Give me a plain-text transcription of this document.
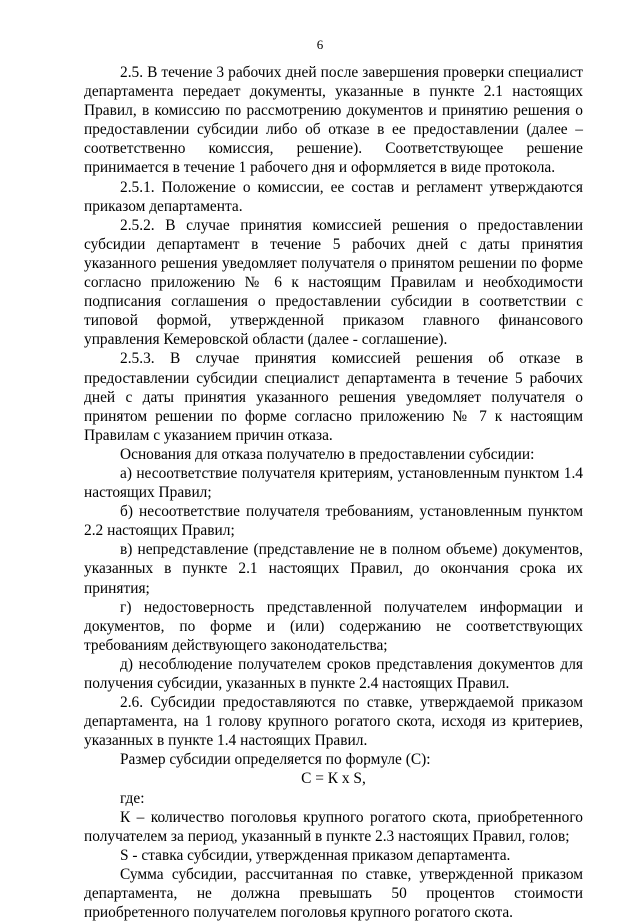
6

2.5. В течение 3 рабочих дней после завершения проверки специалист департамента передает документы, указанные в пункте 2.1 настоящих Правил, в комиссию по рассмотрению документов и принятию решения о предоставлении субсидии либо об отказе в ее предоставлении (далее – соответственно комиссия, решение). Соответствующее решение принимается в течение 1 рабочего дня и оформляется в виде протокола.

2.5.1. Положение о комиссии, ее состав и регламент утверждаются приказом департамента.

2.5.2. В случае принятия комиссией решения о предоставлении субсидии департамент в течение 5 рабочих дней с даты принятия указанного решения уведомляет получателя о принятом решении по форме согласно приложению № 6 к настоящим Правилам и необходимости подписания соглашения о предоставлении субсидии в соответствии с типовой формой, утвержденной приказом главного финансового управления Кемеровской области (далее - соглашение).

2.5.3. В случае принятия комиссией решения об отказе в предоставлении субсидии специалист департамента в течение 5 рабочих дней с даты принятия указанного решения уведомляет получателя о принятом решении по форме согласно приложению № 7 к настоящим Правилам с указанием причин отказа.

Основания для отказа получателю в предоставлении субсидии:

а) несоответствие получателя критериям, установленным пунктом 1.4 настоящих Правил;

б) несоответствие получателя требованиям, установленным пунктом 2.2 настоящих Правил;

в) непредставление (представление не в полном объеме) документов, указанных в пункте 2.1 настоящих Правил, до окончания срока их принятия;

г) недостоверность представленной получателем информации и документов, по форме и (или) содержанию не соответствующих требованиям действующего законодательства;

д) несоблюдение получателем сроков представления документов для получения субсидии, указанных в пункте 2.4 настоящих Правил.

2.6. Субсидии предоставляются по ставке, утверждаемой приказом департамента, на 1 голову крупного рогатого скота, исходя из критериев, указанных в пункте 1.4 настоящих Правил.

Размер субсидии определяется по формуле (С):

С = К x S,

где:

К – количество поголовья крупного рогатого скота, приобретенного получателем за период, указанный в пункте 2.3 настоящих Правил, голов;

S - ставка субсидии, утвержденная приказом департамента.

Сумма субсидии, рассчитанная по ставке, утвержденной приказом департамента, не должна превышать 50 процентов стоимости приобретенного получателем поголовья крупного рогатого скота.
